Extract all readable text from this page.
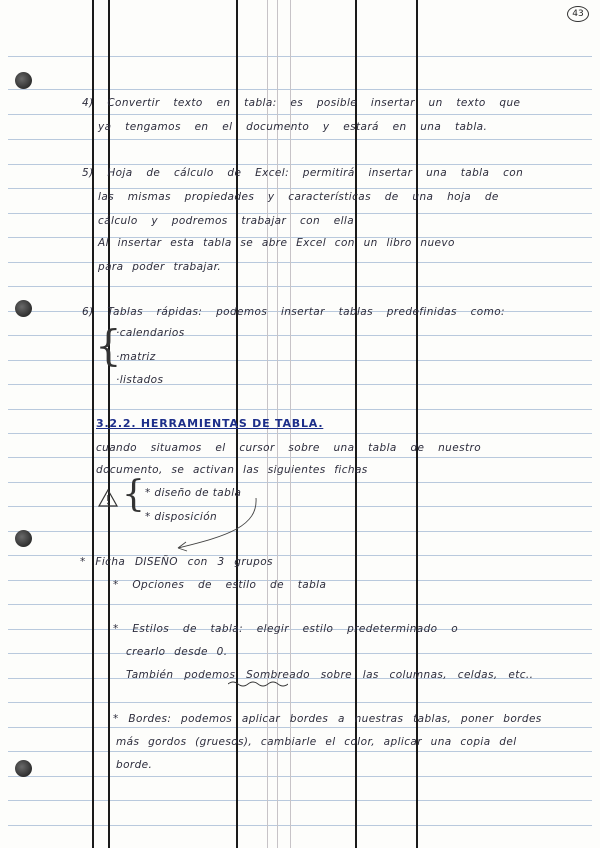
43
4) Convertir texto en tabla: es posible insertar un texto que
ya tengamos en el documento y estará en una tabla.
5) Hoja de cálculo de Excel: permitirá insertar una tabla con
las mismas propiedades y características de una hoja de
cálculo y podremos trabajar con ella
Al insertar esta tabla se abre Excel con un libro nuevo
para poder trabajar.
6) Tablas rápidas: podemos insertar tablas predefinidas como:
{
·calendarios
·matriz
·listados
3.2.2. HERRAMIENTAS DE TABLA.
cuando situamos el cursor sobre una tabla de nuestro
documento, se activan las siguientes fichas
{ * diseño de tabla
* disposición
* Ficha DISEÑO con 3 grupos
* Opciones de estilo de tabla
* Estilos de tabla: elegir estilo predeterminado o
crearlo desde 0.
También podemos Sombreado sobre las columnas, celdas, etc..
* Bordes: podemos aplicar bordes a nuestras tablas, poner bordes
más gordos (gruesos), cambiarle el color, aplicar una copia del
borde.
